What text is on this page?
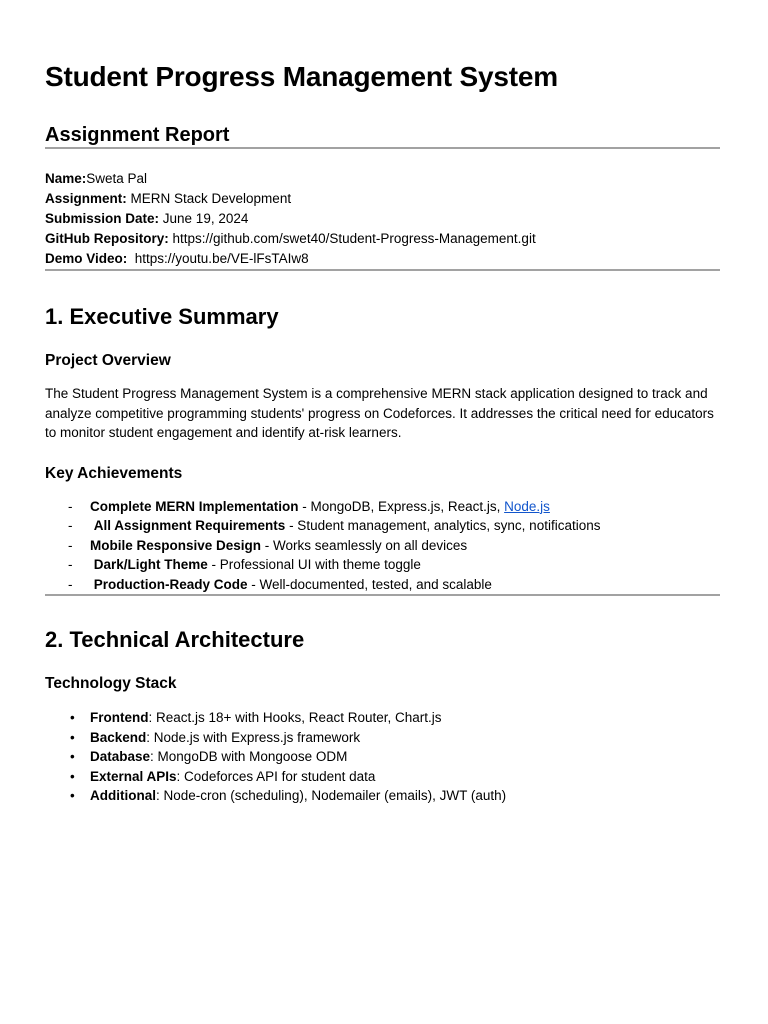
Student Progress Management System
Assignment Report
Name:Sweta Pal
Assignment: MERN Stack Development
Submission Date: June 19, 2024
GitHub Repository: https://github.com/swet40/Student-Progress-Management.git
Demo Video:  https://youtu.be/VE-lFsTAIw8
1. Executive Summary
Project Overview

The Student Progress Management System is a comprehensive MERN stack application designed to track and analyze competitive programming students' progress on Codeforces. It addresses the critical need for educators to monitor student engagement and identify at-risk learners.

Key Achievements
-	Complete MERN Implementation - MongoDB, Express.js, React.js, Node.js
-	All Assignment Requirements - Student management, analytics, sync, notifications
-	Mobile Responsive Design - Works seamlessly on all devices
-	Dark/Light Theme - Professional UI with theme toggle
-	Production-Ready Code - Well-documented, tested, and scalable
2. Technical Architecture
Technology Stack
•	Frontend: React.js 18+ with Hooks, React Router, Chart.js
•	Backend: Node.js with Express.js framework
•	Database: MongoDB with Mongoose ODM
•	External APIs: Codeforces API for student data
•	Additional: Node-cron (scheduling), Nodemailer (emails), JWT (auth)
